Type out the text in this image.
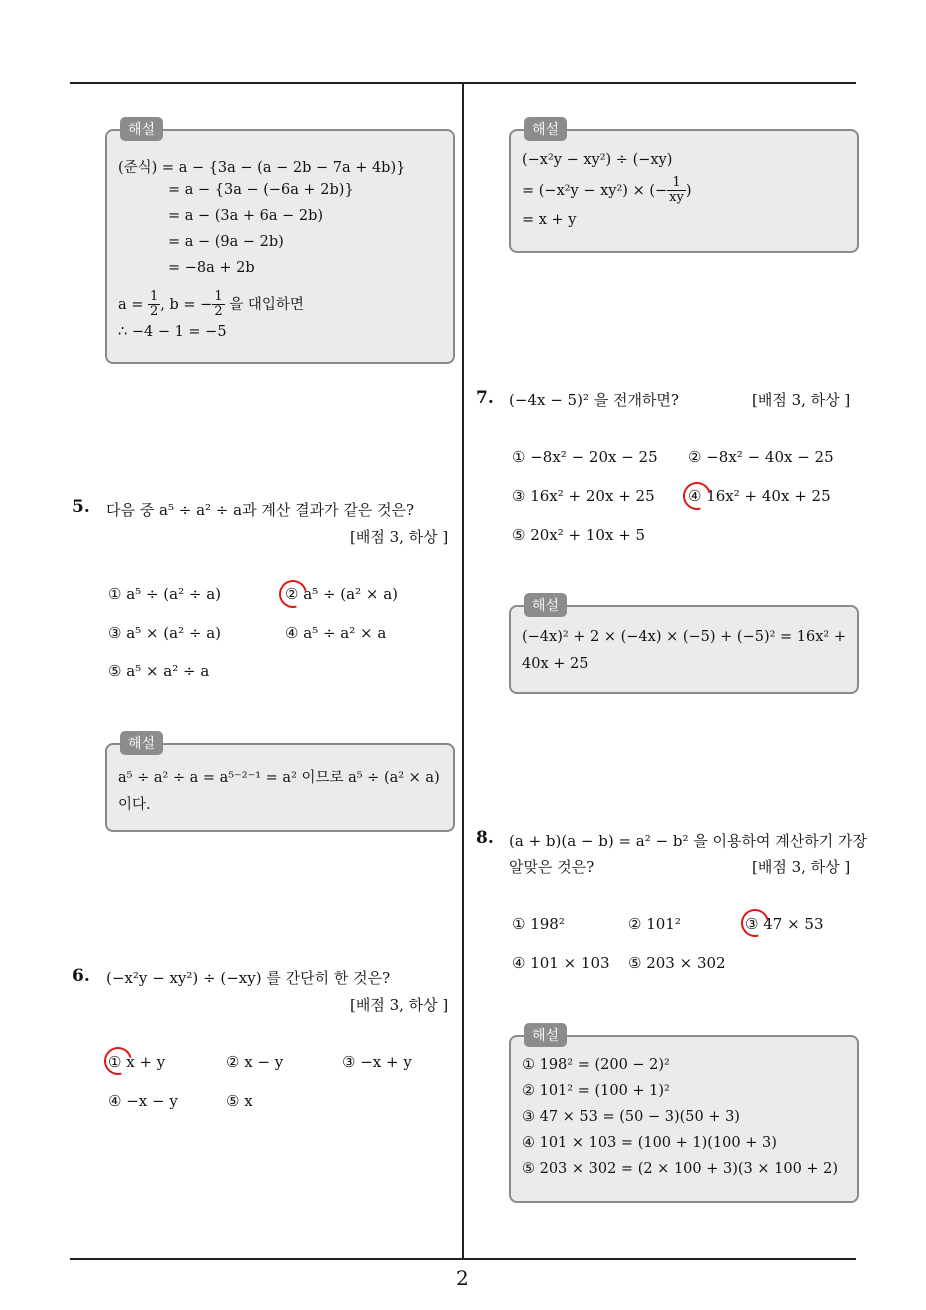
해설
(준식) = a − {3a − (a − 2b − 7a + 4b)}
= a − {3a − (−6a + 2b)}
= a − (3a + 6a − 2b)
= a − (9a − 2b)
= −8a + 2b
$a = \frac{1}{2}$ , b = − $\frac{1}{2}$ 을 대입하면
∴ −4 − 1 = −5
5. 다음 중 a⁵ ÷ a² ÷ a과 계산 결과가 같은 것은?
[배점 3, 하상 ]
① a⁵ ÷ (a² ÷ a)	② a⁵ ÷ (a² × a)
③ a⁵ × (a² ÷ a)	④ a⁵ ÷ a² × a
⑤ a⁵ × a² ÷ a
해설
a⁵ ÷ a² ÷ a = a⁵⁻²⁻¹ = a² 이므로 a⁵ ÷ (a² × a)
이다.
6. (−x²y − xy²) ÷ (−xy) 를 간단히 한 것은?
[배점 3, 하상 ]
① x + y	② x − y	③ −x + y
④ −x − y	⑤ x
해설
(−x²y − xy²) ÷ (−xy)
= (−x²y − xy²) × (− $\frac{1}{xy}$ )
= x + y
7. (−4x − 5)² 을 전개하면?	[배점 3, 하상 ]
① −8x² − 20x − 25 ② −8x² − 40x − 25
③ 16x² + 20x + 25 ④ 16x² + 40x + 25
⑤ 20x² + 10x + 5
해설
(−4x)² + 2 × (−4x) × (−5) + (−5)² = 16x² +
40x + 25
8. (a + b)(a − b) = a² − b² 을 이용하여 계산하기 가장
알맞은 것은?	[배점 3, 하상 ]
① 198²	② 101²	③ 47 × 53
④ 101 × 103 ⑤ 203 × 302
해설
① 198² = (200 − 2)²
② 101² = (100 + 1)²
③ 47 × 53 = (50 − 3)(50 + 3)
④ 101 × 103 = (100 + 1)(100 + 3)
⑤ 203 × 302 = (2 × 100 + 3)(3 × 100 + 2)
2
